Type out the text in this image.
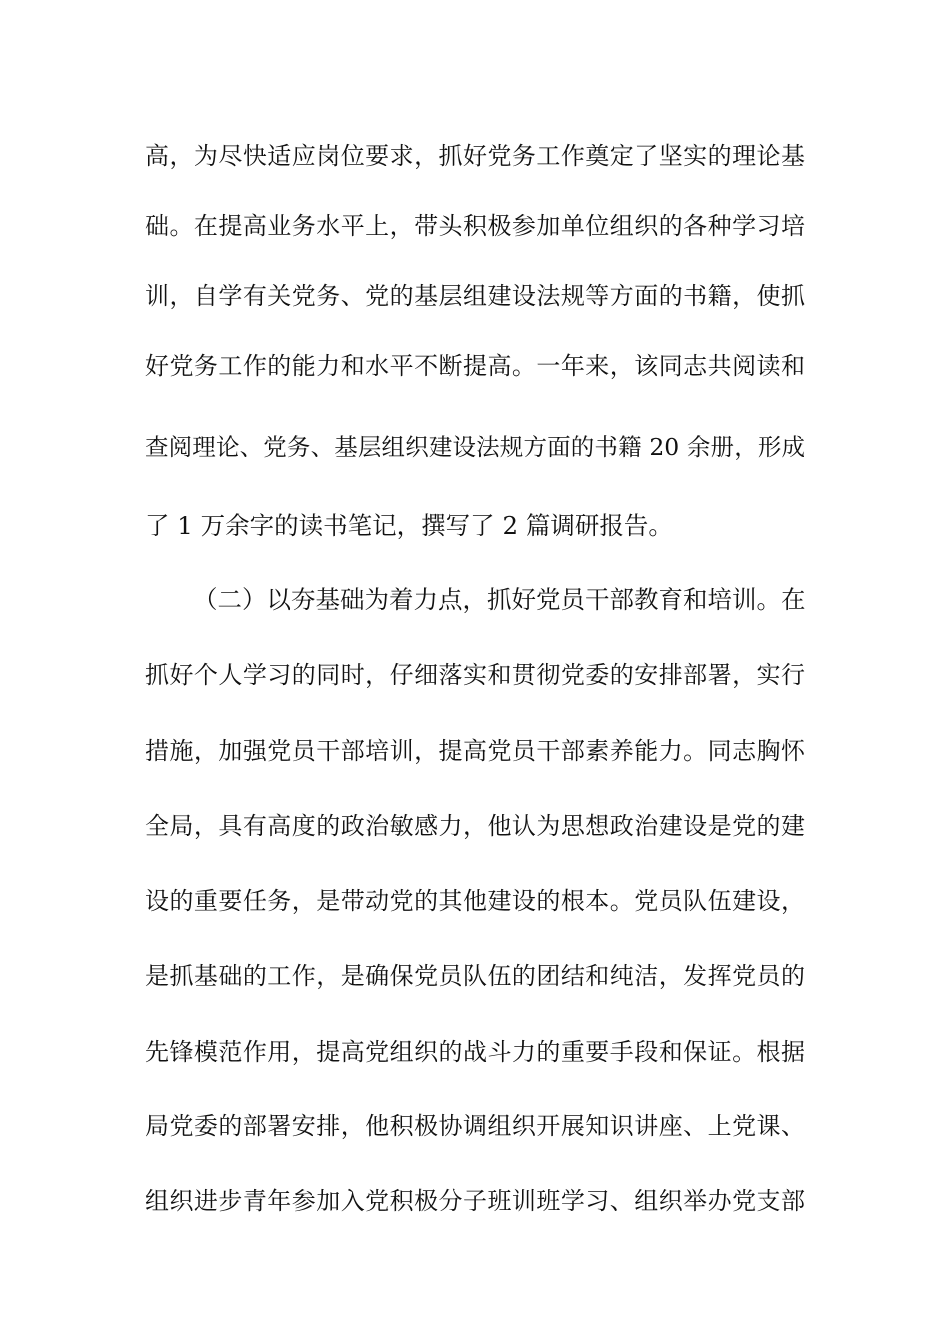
高，为尽快适应岗位要求，抓好党务工作奠定了坚实的理论基
础。在提高业务水平上，带头积极参加单位组织的各种学习培
训，自学有关党务、党的基层组建设法规等方面的书籍，使抓
好党务工作的能力和水平不断提高。一年来，该同志共阅读和
查阅理论、党务、基层组织建设法规方面的书籍 20 余册，形成
了 1 万余字的读书笔记，撰写了 2 篇调研报告。
（二）以夯基础为着力点，抓好党员干部教育和培训。在
抓好个人学习的同时，仔细落实和贯彻党委的安排部署，实行
措施，加强党员干部培训，提高党员干部素养能力。同志胸怀
全局，具有高度的政治敏感力，他认为思想政治建设是党的建
设的重要任务，是带动党的其他建设的根本。党员队伍建设，
是抓基础的工作，是确保党员队伍的团结和纯洁，发挥党员的
先锋模范作用，提高党组织的战斗力的重要手段和保证。根据
局党委的部署安排，他积极协调组织开展知识讲座、上党课、
组织进步青年参加入党积极分子班训班学习、组织举办党支部
